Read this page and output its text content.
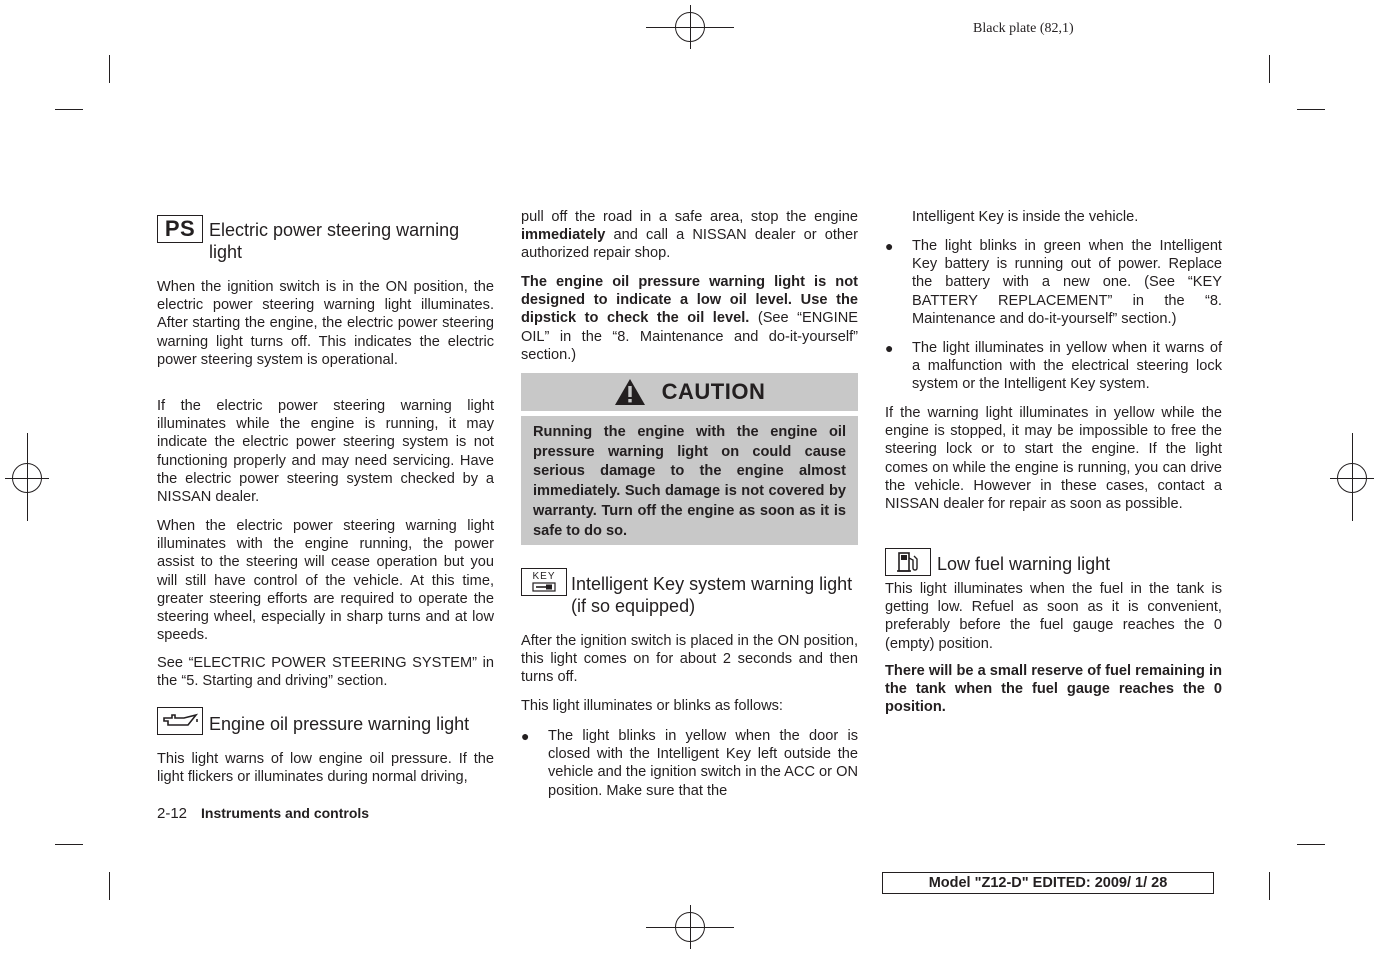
Black plate (82,1)
PS Electric power steering warning light

When the ignition switch is in the ON position, the electric power steering warning light illuminates. After starting the engine, the electric power steering warning light turns off. This indicates the electric power steering system is operational.

If the electric power steering warning light illuminates while the engine is running, it may indicate the electric power steering system is not functioning properly and may need servicing. Have the electric power steering system checked by a NISSAN dealer.

When the electric power steering warning light illuminates with the engine running, the power assist to the steering will cease operation but you will still have control of the vehicle. At this time, greater steering efforts are required to operate the steering wheel, especially in sharp turns and at low speeds.

See “ELECTRIC POWER STEERING SYSTEM” in the “5. Starting and driving” section.

Engine oil pressure warning light

This light warns of low engine oil pressure. If the light flickers or illuminates during normal driving,

2-12 Instruments and controls

pull off the road in a safe area, stop the engine immediately and call a NISSAN dealer or other authorized repair shop.

The engine oil pressure warning light is not designed to indicate a low oil level. Use the dipstick to check the oil level. (See “ENGINE OIL” in the “8. Maintenance and do-it-yourself” section.)

CAUTION

Running the engine with the engine oil pressure warning light on could cause serious damage to the engine almost immediately. Such damage is not covered by warranty. Turn off the engine as soon as it is safe to do so.

KEY Intelligent Key system warning light (if so equipped)

After the ignition switch is placed in the ON position, this light comes on for about 2 seconds and then turns off.

This light illuminates or blinks as follows:

● The light blinks in yellow when the door is closed with the Intelligent Key left outside the vehicle and the ignition switch in the ACC or ON position. Make sure that the

Intelligent Key is inside the vehicle.

● The light blinks in green when the Intelligent Key battery is running out of power. Replace the battery with a new one. (See “KEY BATTERY REPLACEMENT” in the “8. Maintenance and do-it-yourself” section.)

● The light illuminates in yellow when it warns of a malfunction with the electrical steering lock system or the Intelligent Key system.

If the warning light illuminates in yellow while the engine is stopped, it may be impossible to free the steering lock or to start the engine. If the light comes on while the engine is running, you can drive the vehicle. However in these cases, contact a NISSAN dealer for repair as soon as possible.

Low fuel warning light

This light illuminates when the fuel in the tank is getting low. Refuel as soon as it is convenient, preferably before the fuel gauge reaches the 0 (empty) position.

There will be a small reserve of fuel remaining in the tank when the fuel gauge reaches the 0 position.

Model "Z12-D" EDITED: 2009/ 1/ 28
